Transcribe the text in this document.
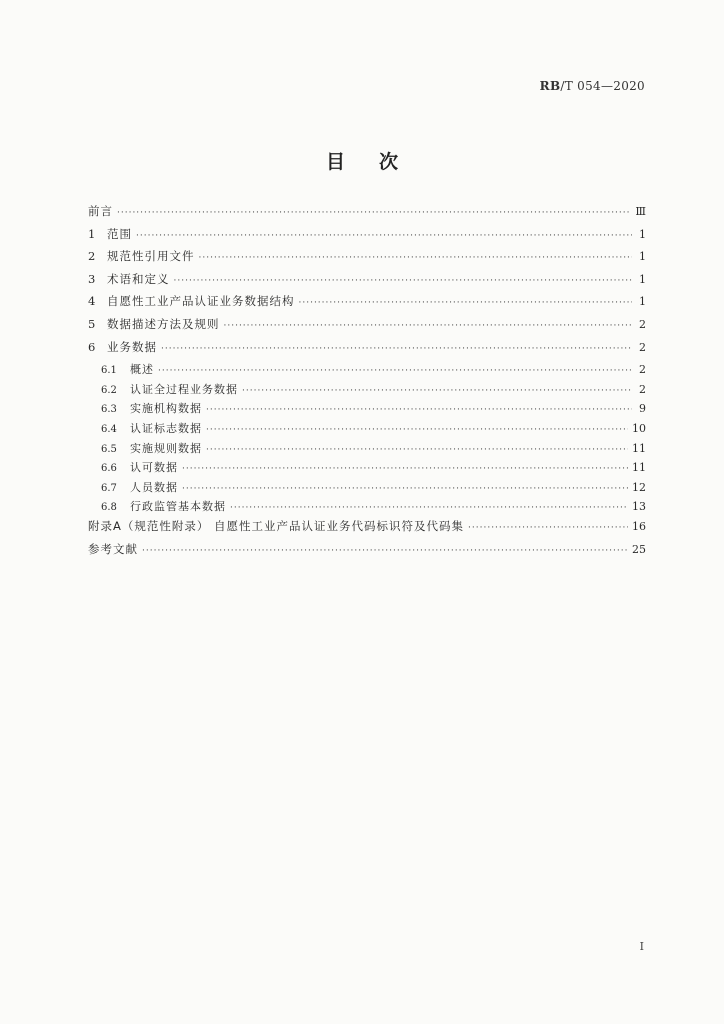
RB/T 054—2020
目次
前言 ·····	Ⅲ
1	范围 ·····	1
2	规范性引用文件 ·····	1
3	术语和定义 ·····	1
4	自愿性工业产品认证业务数据结构 ·····	1
5	数据描述方法及规则 ·····	2
6	业务数据 ·····	2
6.1	概述 ·····	2
6.2	认证全过程业务数据 ·····	2
6.3	实施机构数据 ·····	9
6.4	认证标志数据 ·····	10
6.5	实施规则数据 ·····	11
6.6	认可数据 ·····	11
6.7	人员数据 ·····	12
6.8	行政监管基本数据 ·····	13
附录A（规范性附录） 自愿性工业产品认证业务代码标识符及代码集 ·····	16
参考文献 ·····	25
I
